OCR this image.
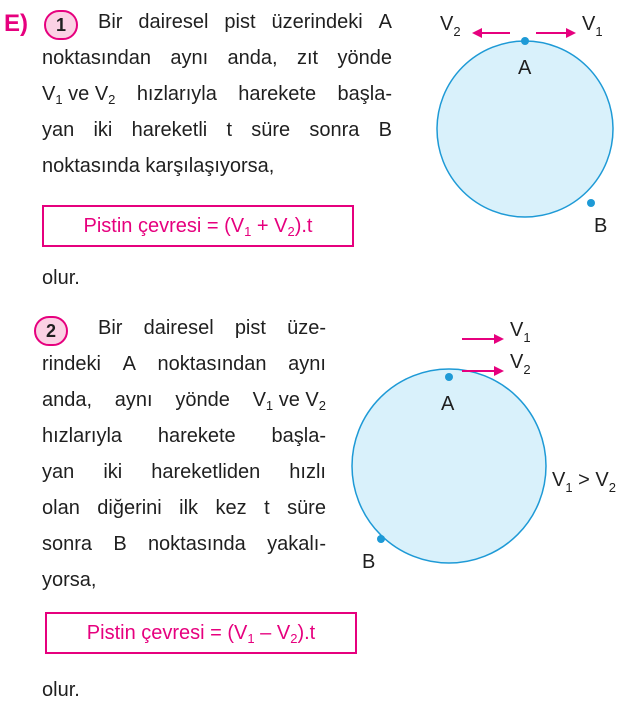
E) 1 Bir dairesel pist üzerindeki A
noktasından aynı anda, zıt yönde
$V_1$ ve $V_2$ hızlarıyla harekete başla-
yan iki hareketli t süre sonra B
noktasında karşılaşıyorsa,
Pistin çevresi = $(V_1 + V_2).t$
olur.
$V_2$	$V_1$
A
B
2 Bir dairesel pist üze-
rindeki A noktasından aynı
anda, aynı yönde $V_1$ ve $V_2$
hızlarıyla harekete başla-
yan iki hareketliden hızlı
olan diğerini ilk kez t süre
sonra B noktasında yakalı-
yorsa,
Pistin çevresi = $(V_1 - V_2).t$
olur.
$V_1$
$V_2$
A
B
$V_1 > V_2$
